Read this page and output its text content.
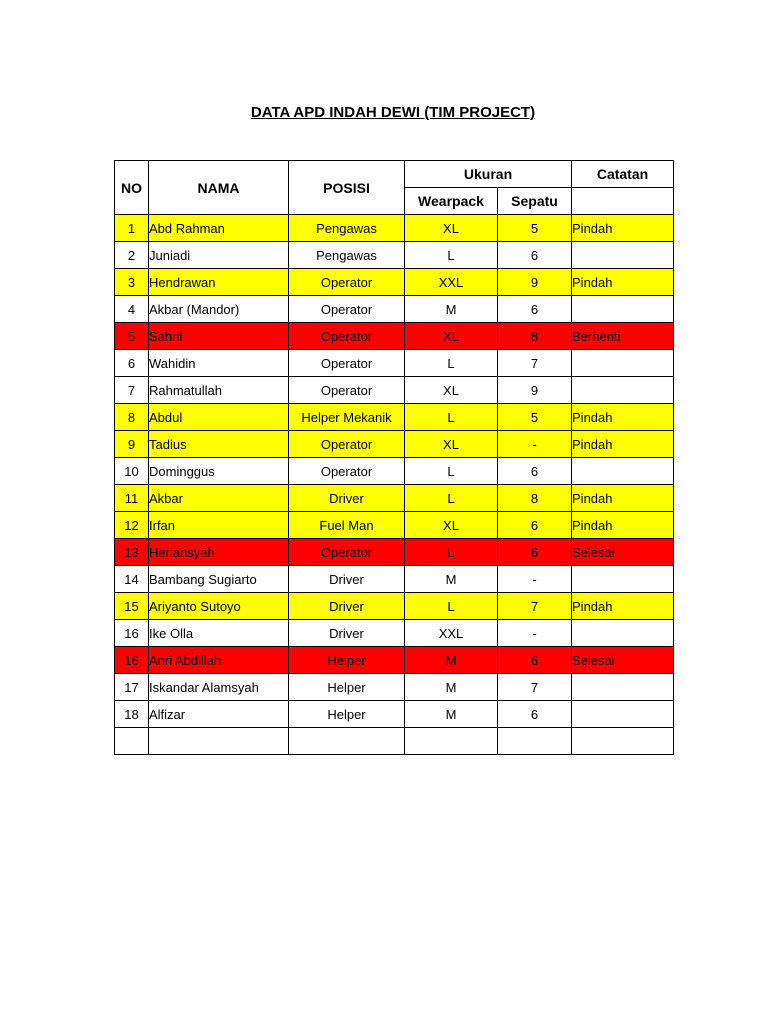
DATA APD INDAH DEWI (TIM PROJECT)
NO	NAMA	POSISI	Ukuran		Catatan
			Wearpack	Sepatu	
1	Abd Rahman	Pengawas	XL	5	Pindah
2	Juniadi	Pengawas	L	6	
3	Hendrawan	Operator	XXL	9	Pindah
4	Akbar (Mandor)	Operator	M	6	
5	Sahril	Operator	XL	8	Berhenti
6	Wahidin	Operator	L	7	
7	Rahmatullah	Operator	XL	9	
8	Abdul	Helper Mekanik	L	5	Pindah
9	Tadius	Operator	XL	-	Pindah
10	Dominggus	Operator	L	6	
11	Akbar	Driver	L	8	Pindah
12	Irfan	Fuel Man	XL	6	Pindah
13	Heriansyah	Operator	L	6	Selesai
14	Bambang Sugiarto	Driver	M	-	
15	Ariyanto Sutoyo	Driver	L	7	Pindah
16	Ike Olla	Driver	XXL	-	
16	Anri Abdillah	Helper	M	6	Selesai
17	Iskandar Alamsyah	Helper	M	7	
18	Alfizar	Helper	M	6	
